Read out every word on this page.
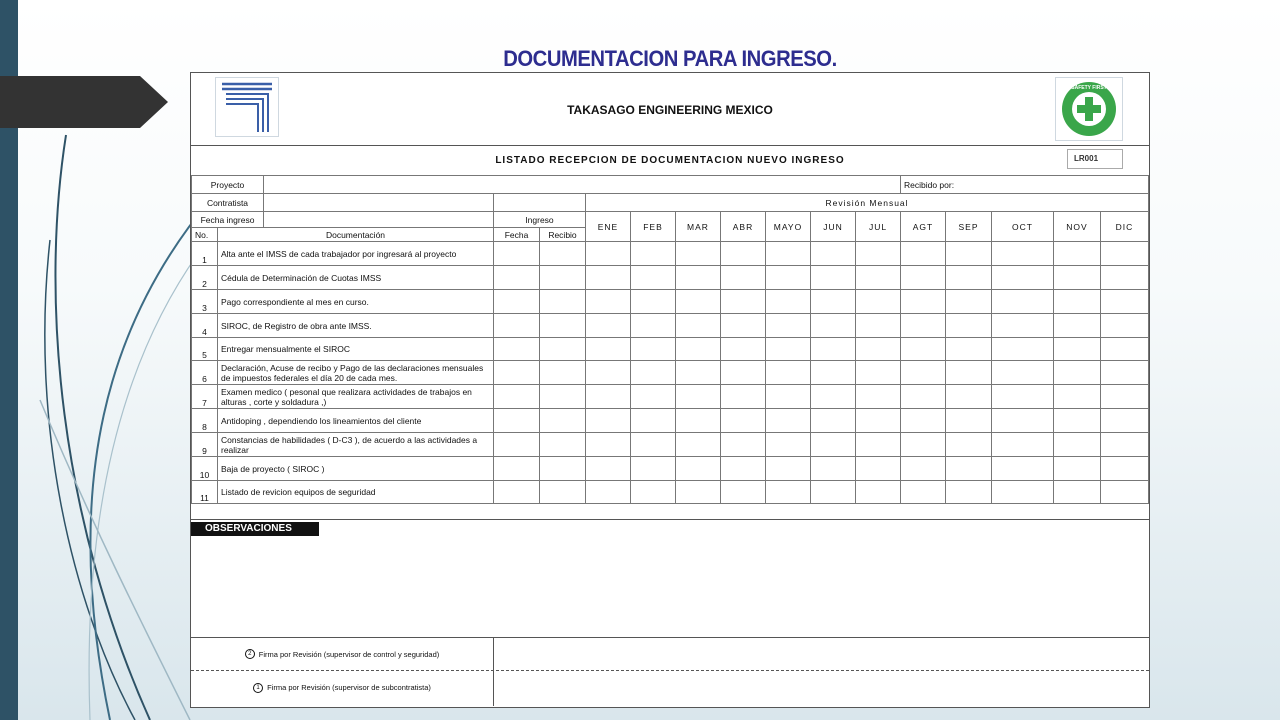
DOCUMENTACION PARA INGRESO.
TAKASAGO ENGINEERING MEXICO
SAFETY FIRST
LISTADO RECEPCION DE DOCUMENTACION NUEVO INGRESO	LR001
Proyecto												Recibido por:				
Contratista					Revisión Mensual											
Fecha ingreso			Ingreso		ENE	FEB	MAR	ABR	MAYO	JUN	JUL	AGT	SEP	OCT	NOV	DIC
No.	Documentación		Fecha	Recibio												
1	Alta ante el IMSS de cada trabajador por ingresará al proyecto															
2	Cédula de Determinación de Cuotas IMSS															
3	Pago correspondiente al mes en curso.															
4	SIROC, de Registro de obra ante IMSS.															
5	Entregar mensualmente el SIROC															
6	Declaración, Acuse de recibo y Pago de las declaraciones mensuales de impuestos federales el día 20 de cada mes.															
7	Examen medico ( pesonal que realizara actividades de trabajos en alturas , corte y soldadura ,)															
8	Antidoping , dependiendo los lineamientos del cliente															
9	Constancias de habilidades ( D-C3 ), de acuerdo a las actividades a realizar															
10	Baja de proyecto ( SIROC )															
11	Listado de revicion equipos de seguridad															
OBSERVACIONES
2 Firma por Revisión (supervisor de control y seguridad)
1 Firma por Revisión (supervisor de subcontratista)
